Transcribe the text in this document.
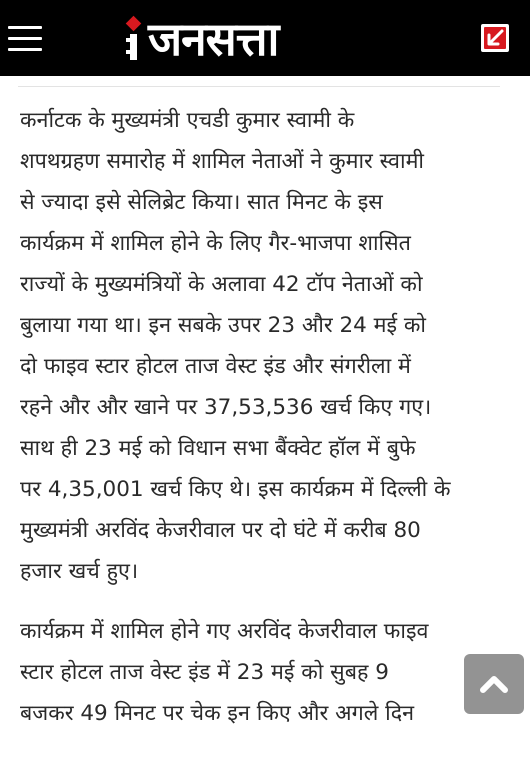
जनसत्ता

कर्नाटक के मुख्यमंत्री एचडी कुमार स्वामी के
शपथग्रहण समारोह में शामिल नेताओं ने कुमार स्वामी
से ज्यादा इसे सेलिब्रेट किया। सात मिनट के इस
कार्यक्रम में शामिल होने के लिए गैर-भाजपा शासित
राज्यों के मुख्यमंत्रियों के अलावा 42 टॉप नेताओं को
बुलाया गया था। इन सबके उपर 23 और 24 मई को
दो फाइव स्टार होटल ताज वेस्ट इंड और संगरीला में
रहने और और खाने पर 37,53,536 खर्च किए गए।
साथ ही 23 मई को विधान सभा बैंक्वेट हॉल में बुफे
पर 4,35,001 खर्च किए थे। इस कार्यक्रम में दिल्ली के
मुख्यमंत्री अरविंद केजरीवाल पर दो घंटे में करीब 80
हजार खर्च हुए।

कार्यक्रम में शामिल होने गए अरविंद केजरीवाल फाइव
स्टार होटल ताज वेस्ट इंड में 23 मई को सुबह 9
बजकर 49 मिनट पर चेक इन किए और अगले दिन
